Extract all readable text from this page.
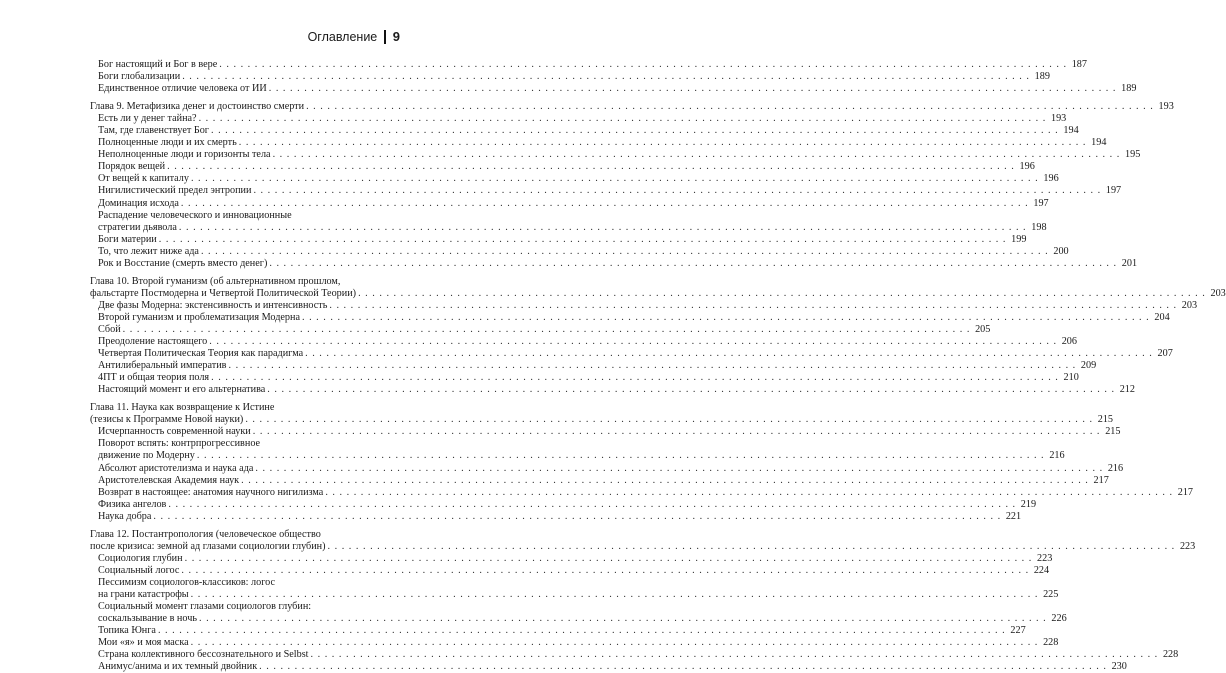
Оглавление 9
Бог настоящий и Бог в вере . . . . . . . . . . . . . . . . . . . . . . . . . . . . . . . . . . . . . . . . . . . . . . . . . . . . . . . . . . . . . . . . . . . . . . . . . . . . . . . . . . . . . . . . . . . . . . . . . . . . . . . . . . . . . . . . . . . . . . . . 187
Боги глобализации . . . . . . . . . . . . . . . . . . . . . . . . . . . . . . . . . . . . . . . . . . . . . . . . . . . . . . . . . . . . . . . . . . . . . . . . . . . . . . . . . . . . . . . . . . . . . . . . . . . . . . . . . . . . . . . . . . . . . . . . 189
Единственное отличие человека от ИИ . . . . . . . . . . . . . . . . . . . . . . . . . . . . . . . . . . . . . . . . . . . . . . . . . . . . . . . . . . . . . . . . . . . . . . . . . . . . . . . . . . . . . . . . . . . . . . . . . . . . . . . . . . . . . . . . . . . . . . . . 189
Глава 9. Метафизика денег и достоинство смерти . . . . . . . . . . . . . . . . . . . . . . . . . . . . . . . . . . . . . . . . . . . . . . . . . . . . . . . . . . . . . . . . . . . . . . . . . . . . . . . . . . . . . . . . . . . . . . . . . . . . . . . . . . . . . . . . . . . . . . . . 193
Есть ли у денег тайна? . . . . . . . . . . . . . . . . . . . . . . . . . . . . . . . . . . . . . . . . . . . . . . . . . . . . . . . . . . . . . . . . . . . . . . . . . . . . . . . . . . . . . . . . . . . . . . . . . . . . . . . . . . . . . . . . . . . . . . . . 193
Там, где главенствует Бог . . . . . . . . . . . . . . . . . . . . . . . . . . . . . . . . . . . . . . . . . . . . . . . . . . . . . . . . . . . . . . . . . . . . . . . . . . . . . . . . . . . . . . . . . . . . . . . . . . . . . . . . . . . . . . . . . . . . . . . . 194
Полноценные люди и их смерть . . . . . . . . . . . . . . . . . . . . . . . . . . . . . . . . . . . . . . . . . . . . . . . . . . . . . . . . . . . . . . . . . . . . . . . . . . . . . . . . . . . . . . . . . . . . . . . . . . . . . . . . . . . . . . . . . . . . . . . . 194
Неполноценные люди и горизонты тела . . . . . . . . . . . . . . . . . . . . . . . . . . . . . . . . . . . . . . . . . . . . . . . . . . . . . . . . . . . . . . . . . . . . . . . . . . . . . . . . . . . . . . . . . . . . . . . . . . . . . . . . . . . . . . . . . . . . . . . . 195
Порядок вещей . . . . . . . . . . . . . . . . . . . . . . . . . . . . . . . . . . . . . . . . . . . . . . . . . . . . . . . . . . . . . . . . . . . . . . . . . . . . . . . . . . . . . . . . . . . . . . . . . . . . . . . . . . . . . . . . . . . . . . . . 196
От вещей к капиталу . . . . . . . . . . . . . . . . . . . . . . . . . . . . . . . . . . . . . . . . . . . . . . . . . . . . . . . . . . . . . . . . . . . . . . . . . . . . . . . . . . . . . . . . . . . . . . . . . . . . . . . . . . . . . . . . . . . . . . . . 196
Нигилистический предел энтропии . . . . . . . . . . . . . . . . . . . . . . . . . . . . . . . . . . . . . . . . . . . . . . . . . . . . . . . . . . . . . . . . . . . . . . . . . . . . . . . . . . . . . . . . . . . . . . . . . . . . . . . . . . . . . . . . . . . . . . . . 197
Доминация исхода . . . . . . . . . . . . . . . . . . . . . . . . . . . . . . . . . . . . . . . . . . . . . . . . . . . . . . . . . . . . . . . . . . . . . . . . . . . . . . . . . . . . . . . . . . . . . . . . . . . . . . . . . . . . . . . . . . . . . . . . 197
Распадение человеческого и инновационные
стратегии дьявола . . . . . . . . . . . . . . . . . . . . . . . . . . . . . . . . . . . . . . . . . . . . . . . . . . . . . . . . . . . . . . . . . . . . . . . . . . . . . . . . . . . . . . . . . . . . . . . . . . . . . . . . . . . . . . . . . . . . . . . . 198
Боги материи . . . . . . . . . . . . . . . . . . . . . . . . . . . . . . . . . . . . . . . . . . . . . . . . . . . . . . . . . . . . . . . . . . . . . . . . . . . . . . . . . . . . . . . . . . . . . . . . . . . . . . . . . . . . . . . . . . . . . . . . 199
То, что лежит ниже ада . . . . . . . . . . . . . . . . . . . . . . . . . . . . . . . . . . . . . . . . . . . . . . . . . . . . . . . . . . . . . . . . . . . . . . . . . . . . . . . . . . . . . . . . . . . . . . . . . . . . . . . . . . . . . . . . . . . . . . . . 200
Рок и Восстание (смерть вместо денег) . . . . . . . . . . . . . . . . . . . . . . . . . . . . . . . . . . . . . . . . . . . . . . . . . . . . . . . . . . . . . . . . . . . . . . . . . . . . . . . . . . . . . . . . . . . . . . . . . . . . . . . . . . . . . . . . . . . . . . . . 201
Глава 10. Второй гуманизм (об альтернативном прошлом,
фальстарте Постмодерна и Четвертой Политической Теории) . . . . . . . . . . . . . . . . . . . . . . . . . . . . . . . . . . . . . . . . . . . . . . . . . . . . . . . . . . . . . . . . . . . . . . . . . . . . . . . . . . . . . . . . . . . . . . . . . . . . . . . . . . . . . . . . . . . . . . . . 203
Две фазы Модерна: экстенсивность и интенсивность . . . . . . . . . . . . . . . . . . . . . . . . . . . . . . . . . . . . . . . . . . . . . . . . . . . . . . . . . . . . . . . . . . . . . . . . . . . . . . . . . . . . . . . . . . . . . . . . . . . . . . . . . . . . . . . . . . . . . . . . 203
Второй гуманизм и проблематизация Модерна . . . . . . . . . . . . . . . . . . . . . . . . . . . . . . . . . . . . . . . . . . . . . . . . . . . . . . . . . . . . . . . . . . . . . . . . . . . . . . . . . . . . . . . . . . . . . . . . . . . . . . . . . . . . . . . . . . . . . . . . 204
Сбой . . . . . . . . . . . . . . . . . . . . . . . . . . . . . . . . . . . . . . . . . . . . . . . . . . . . . . . . . . . . . . . . . . . . . . . . . . . . . . . . . . . . . . . . . . . . . . . . . . . . . . . . . . . . . . . . . . . . . . . . 205
Преодоление настоящего . . . . . . . . . . . . . . . . . . . . . . . . . . . . . . . . . . . . . . . . . . . . . . . . . . . . . . . . . . . . . . . . . . . . . . . . . . . . . . . . . . . . . . . . . . . . . . . . . . . . . . . . . . . . . . . . . . . . . . . . 206
Четвертая Политическая Теория как парадигма . . . . . . . . . . . . . . . . . . . . . . . . . . . . . . . . . . . . . . . . . . . . . . . . . . . . . . . . . . . . . . . . . . . . . . . . . . . . . . . . . . . . . . . . . . . . . . . . . . . . . . . . . . . . . . . . . . . . . . . . 207
Антилиберальный императив . . . . . . . . . . . . . . . . . . . . . . . . . . . . . . . . . . . . . . . . . . . . . . . . . . . . . . . . . . . . . . . . . . . . . . . . . . . . . . . . . . . . . . . . . . . . . . . . . . . . . . . . . . . . . . . . . . . . . . . . 209
4ПТ и общая теория поля . . . . . . . . . . . . . . . . . . . . . . . . . . . . . . . . . . . . . . . . . . . . . . . . . . . . . . . . . . . . . . . . . . . . . . . . . . . . . . . . . . . . . . . . . . . . . . . . . . . . . . . . . . . . . . . . . . . . . . . . 210
Настоящий момент и его альтернатива . . . . . . . . . . . . . . . . . . . . . . . . . . . . . . . . . . . . . . . . . . . . . . . . . . . . . . . . . . . . . . . . . . . . . . . . . . . . . . . . . . . . . . . . . . . . . . . . . . . . . . . . . . . . . . . . . . . . . . . . 212
Глава 11. Наука как возвращение к Истине
(тезисы к Программе Новой науки) . . . . . . . . . . . . . . . . . . . . . . . . . . . . . . . . . . . . . . . . . . . . . . . . . . . . . . . . . . . . . . . . . . . . . . . . . . . . . . . . . . . . . . . . . . . . . . . . . . . . . . . . . . . . . . . . . . . . . . . . 215
Исчерпанность современной науки . . . . . . . . . . . . . . . . . . . . . . . . . . . . . . . . . . . . . . . . . . . . . . . . . . . . . . . . . . . . . . . . . . . . . . . . . . . . . . . . . . . . . . . . . . . . . . . . . . . . . . . . . . . . . . . . . . . . . . . . 215
Поворот вспять: контрпрогрессивное
движение по Модерну . . . . . . . . . . . . . . . . . . . . . . . . . . . . . . . . . . . . . . . . . . . . . . . . . . . . . . . . . . . . . . . . . . . . . . . . . . . . . . . . . . . . . . . . . . . . . . . . . . . . . . . . . . . . . . . . . . . . . . . . 216
Абсолют аристотелизма и наука ада . . . . . . . . . . . . . . . . . . . . . . . . . . . . . . . . . . . . . . . . . . . . . . . . . . . . . . . . . . . . . . . . . . . . . . . . . . . . . . . . . . . . . . . . . . . . . . . . . . . . . . . . . . . . . . . . . . . . . . . . 216
Аристотелевская Академия наук . . . . . . . . . . . . . . . . . . . . . . . . . . . . . . . . . . . . . . . . . . . . . . . . . . . . . . . . . . . . . . . . . . . . . . . . . . . . . . . . . . . . . . . . . . . . . . . . . . . . . . . . . . . . . . . . . . . . . . . . 217
Возврат в настоящее: анатомия научного нигилизма . . . . . . . . . . . . . . . . . . . . . . . . . . . . . . . . . . . . . . . . . . . . . . . . . . . . . . . . . . . . . . . . . . . . . . . . . . . . . . . . . . . . . . . . . . . . . . . . . . . . . . . . . . . . . . . . . . . . . . . . 217
Физика ангелов . . . . . . . . . . . . . . . . . . . . . . . . . . . . . . . . . . . . . . . . . . . . . . . . . . . . . . . . . . . . . . . . . . . . . . . . . . . . . . . . . . . . . . . . . . . . . . . . . . . . . . . . . . . . . . . . . . . . . . . . 219
Наука добра . . . . . . . . . . . . . . . . . . . . . . . . . . . . . . . . . . . . . . . . . . . . . . . . . . . . . . . . . . . . . . . . . . . . . . . . . . . . . . . . . . . . . . . . . . . . . . . . . . . . . . . . . . . . . . . . . . . . . . . . 221
Глава 12. Постантропология (человеческое общество
после кризиса: земной ад глазами социологии глубин) . . . . . . . . . . . . . . . . . . . . . . . . . . . . . . . . . . . . . . . . . . . . . . . . . . . . . . . . . . . . . . . . . . . . . . . . . . . . . . . . . . . . . . . . . . . . . . . . . . . . . . . . . . . . . . . . . . . . . . . . 223
Социология глубин . . . . . . . . . . . . . . . . . . . . . . . . . . . . . . . . . . . . . . . . . . . . . . . . . . . . . . . . . . . . . . . . . . . . . . . . . . . . . . . . . . . . . . . . . . . . . . . . . . . . . . . . . . . . . . . . . . . . . . . . 223
Социальный логос . . . . . . . . . . . . . . . . . . . . . . . . . . . . . . . . . . . . . . . . . . . . . . . . . . . . . . . . . . . . . . . . . . . . . . . . . . . . . . . . . . . . . . . . . . . . . . . . . . . . . . . . . . . . . . . . . . . . . . . . 224
Пессимизм социологов-классиков: логос
на грани катастрофы . . . . . . . . . . . . . . . . . . . . . . . . . . . . . . . . . . . . . . . . . . . . . . . . . . . . . . . . . . . . . . . . . . . . . . . . . . . . . . . . . . . . . . . . . . . . . . . . . . . . . . . . . . . . . . . . . . . . . . . . 225
Социальный момент глазами социологов глубин:
соскальзывание в ночь . . . . . . . . . . . . . . . . . . . . . . . . . . . . . . . . . . . . . . . . . . . . . . . . . . . . . . . . . . . . . . . . . . . . . . . . . . . . . . . . . . . . . . . . . . . . . . . . . . . . . . . . . . . . . . . . . . . . . . . . 226
Топика Юнга . . . . . . . . . . . . . . . . . . . . . . . . . . . . . . . . . . . . . . . . . . . . . . . . . . . . . . . . . . . . . . . . . . . . . . . . . . . . . . . . . . . . . . . . . . . . . . . . . . . . . . . . . . . . . . . . . . . . . . . . 227
Мои «я» и моя маска . . . . . . . . . . . . . . . . . . . . . . . . . . . . . . . . . . . . . . . . . . . . . . . . . . . . . . . . . . . . . . . . . . . . . . . . . . . . . . . . . . . . . . . . . . . . . . . . . . . . . . . . . . . . . . . . . . . . . . . . 228
Страна коллективного бессознательного и Selbst . . . . . . . . . . . . . . . . . . . . . . . . . . . . . . . . . . . . . . . . . . . . . . . . . . . . . . . . . . . . . . . . . . . . . . . . . . . . . . . . . . . . . . . . . . . . . . . . . . . . . . . . . . . . . . . . . . . . . . . . 228
Анимус/анима и их темный двойник . . . . . . . . . . . . . . . . . . . . . . . . . . . . . . . . . . . . . . . . . . . . . . . . . . . . . . . . . . . . . . . . . . . . . . . . . . . . . . . . . . . . . . . . . . . . . . . . . . . . . . . . . . . . . . . . . . . . . . . . 230
